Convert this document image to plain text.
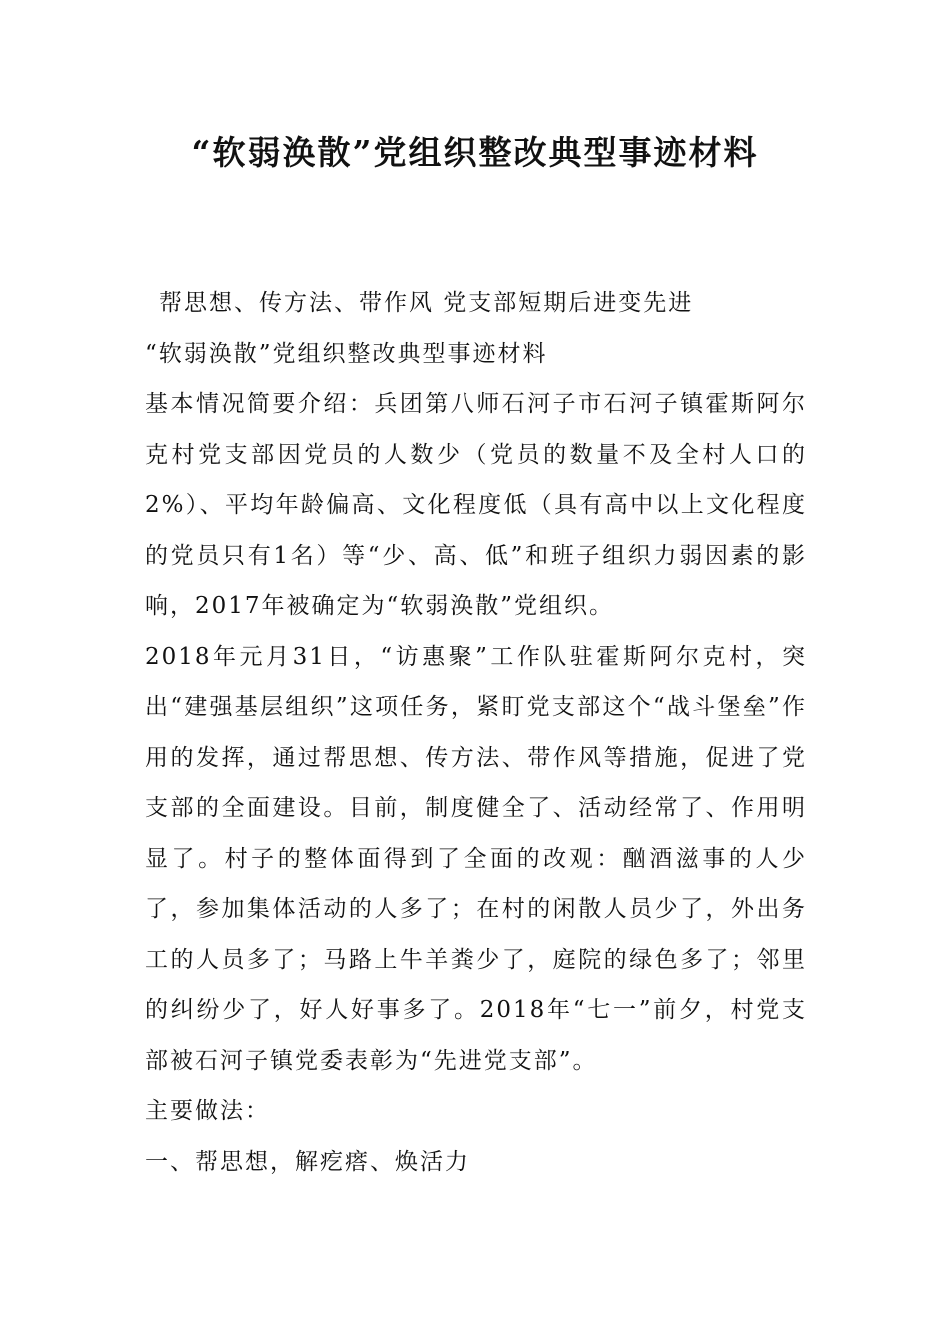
“软弱涣散”党组织整改典型事迹材料

帮思想、传方法、带作风 党支部短期后进变先进

“软弱涣散”党组织整改典型事迹材料

基本情况简要介绍：兵团第八师石河子市石河子镇霍斯阿尔克村党支部因党员的人数少（党员的数量不及全村人口的2%）、平均年龄偏高、文化程度低（具有高中以上文化程度的党员只有1名）等“少、高、低”和班子组织力弱因素的影响，2017年被确定为“软弱涣散”党组织。

2018年元月31日，“访惠聚”工作队驻霍斯阿尔克村，突出“建强基层组织”这项任务，紧盯党支部这个“战斗堡垒”作用的发挥，通过帮思想、传方法、带作风等措施，促进了党支部的全面建设。目前，制度健全了、活动经常了、作用明显了。村子的整体面得到了全面的改观：酗酒滋事的人少了，参加集体活动的人多了；在村的闲散人员少了，外出务工的人员多了；马路上牛羊粪少了，庭院的绿色多了；邻里的纠纷少了，好人好事多了。2018年“七一”前夕，村党支部被石河子镇党委表彰为“先进党支部”。

主要做法：

一、帮思想，解疙瘩、焕活力
